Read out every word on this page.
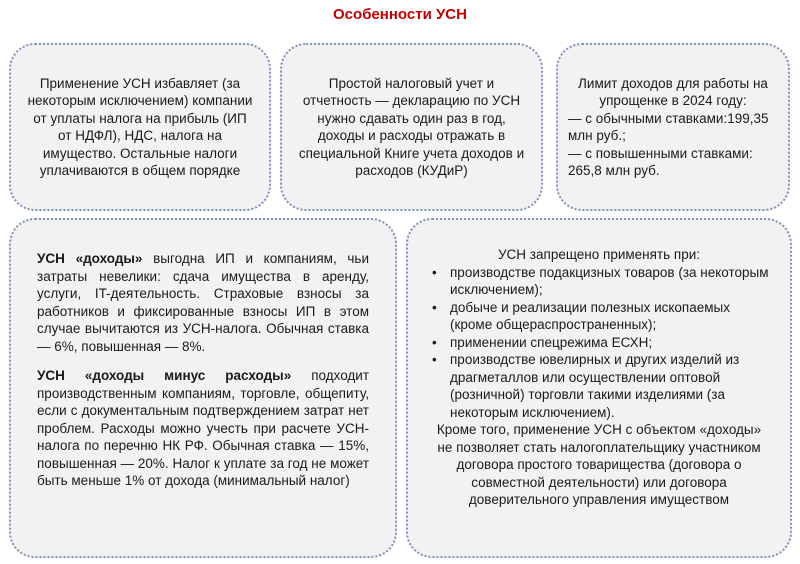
Особенности УСН
Применение УСН избавляет (за некоторым исключением) компании от уплаты налога на прибыль (ИП от НДФЛ), НДС, налога на имущество. Остальные налоги уплачиваются в общем порядке
Простой налоговый учет и отчетность — декларацию по УСН нужно сдавать один раз в год, доходы и расходы отражать в специальной Книге учета доходов и расходов (КУДиР)
Лимит доходов для работы на упрощенке в 2024 году:
— с обычными ставками:199,35 млн руб.;
— с повышенными ставками: 265,8 млн руб.

УСН «доходы» выгодна ИП и компаниям, чьи затраты невелики: сдача имущества в аренду, услуги, IT-деятельность. Страховые взносы за работников и фиксированные взносы ИП в этом случае вычитаются из УСН-налога. Обычная ставка — 6%, повышенная — 8%.

УСН «доходы минус расходы» подходит производственным компаниям, торговле, общепиту, если с документальным подтверждением затрат нет проблем. Расходы можно учесть при расчете УСН-налога по перечню НК РФ. Обычная ставка — 15%, повышенная — 20%. Налог к уплате за год не может быть меньше 1% от дохода (минимальный налог)

УСН запрещено применять при:
• производстве подакцизных товаров (за некоторым исключением);
• добыче и реализации полезных ископаемых (кроме общераспространенных);
• применении спецрежима ЕСХН;
• производстве ювелирных и других изделий из драгметаллов или осуществлении оптовой (розничной) торговли такими изделиями (за некоторым исключением).
Кроме того, применение УСН с объектом «доходы» не позволяет стать налогоплательщику участником договора простого товарищества (договора о совместной деятельности) или договора доверительного управления имуществом
